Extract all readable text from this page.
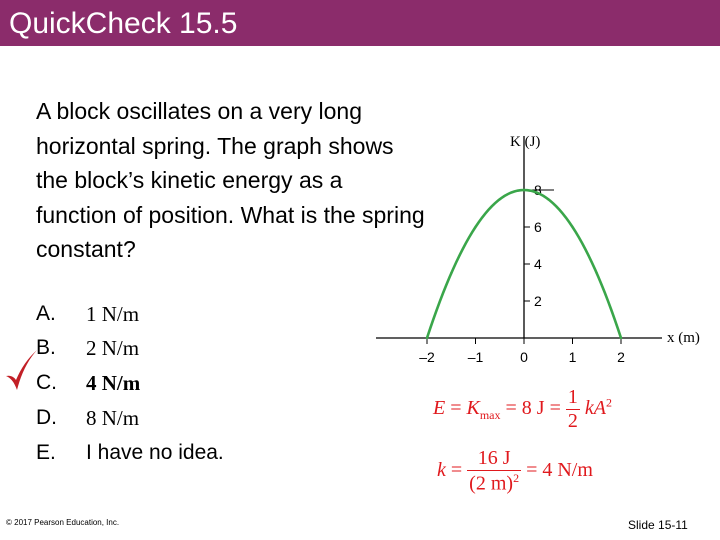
QuickCheck 15.5

A block oscillates on a very long horizontal spring. The graph shows the block’s kinetic energy as a function of position. What is the spring constant?

A. 1 N/m
B. 2 N/m
C. 4 N/m
D. 8 N/m
E. I have no idea.
–2 –1	0	1	2
2
4
6
8
x (m)
K (J)
$E = K_{max} = 8$ $J = \frac{1}{2} kA^2$
$k = \frac{16 J}{(2 m)^2} = 4$ N/m
© 2017 Pearson Education, Inc.	Slide 15-11
